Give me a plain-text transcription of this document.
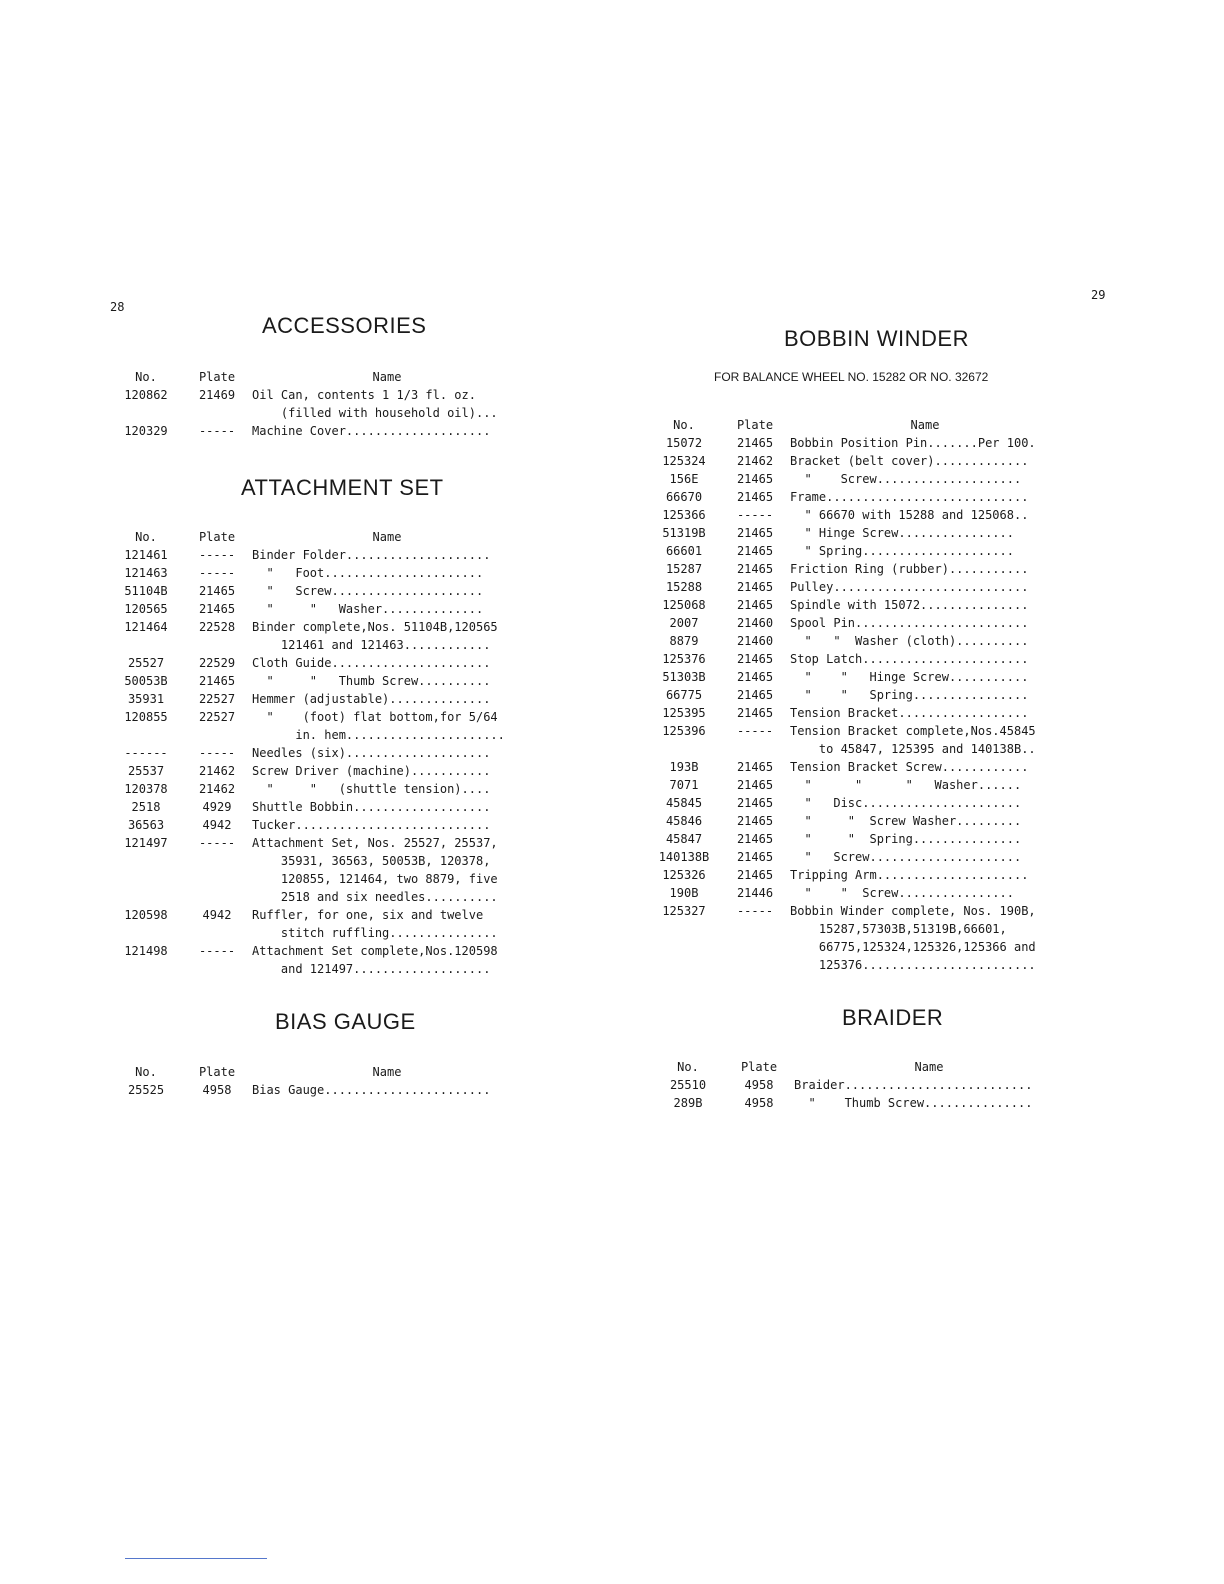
28
29
ACCESSORIES
No.	Plate	Name
120862	21469	Oil Can, contents 1 1/3 fl. oz.
(filled with household oil)...
120329	-----	Machine Cover....................
ATTACHMENT SET
No.	Plate	Name
121461	-----	Binder Folder....................
121463	-----	"   Foot......................
51104B	21465	"   Screw.....................
120565	21465	"     "   Washer..............
121464	22528	Binder complete,Nos. 51104B,120565
121461 and 121463............
25527	22529	Cloth Guide......................
50053B	21465	"     "   Thumb Screw..........
35931	22527	Hemmer (adjustable)..............
120855	22527	"    (foot) flat bottom,for 5/64
in. hem......................
------	-----	Needles (six)....................
25537	21462	Screw Driver (machine)...........
120378	21462	"     "   (shuttle tension)....
2518	4929	Shuttle Bobbin...................
36563	4942	Tucker...........................
121497	-----	Attachment Set, Nos. 25527, 25537,
35931, 36563, 50053B, 120378,
120855, 121464, two 8879, five
2518 and six needles..........
120598	4942	Ruffler, for one, six and twelve
stitch ruffling...............
121498	-----	Attachment Set complete,Nos.120598
and 121497...................
BIAS GAUGE
No.	Plate	Name
25525	4958	Bias Gauge.......................
BOBBIN WINDER
FOR BALANCE WHEEL NO. 15282 OR NO. 32672
No.	Plate	Name
15072	21465	Bobbin Position Pin.......Per 100.
125324	21462	Bracket (belt cover).............
156E	21465	"    Screw....................
66670	21465	Frame............................
125366	-----	" 66670 with 15288 and 125068..
51319B	21465	" Hinge Screw................
66601	21465	" Spring.....................
15287	21465	Friction Ring (rubber)...........
15288	21465	Pulley...........................
125068	21465	Spindle with 15072...............
2007	21460	Spool Pin........................
8879	21460	"   "  Washer (cloth)..........
125376	21465	Stop Latch.......................
51303B	21465	"    "   Hinge Screw...........
66775	21465	"    "   Spring................
125395	21465	Tension Bracket..................
125396	-----	Tension Bracket complete,Nos.45845
to 45847, 125395 and 140138B..
193B	21465	Tension Bracket Screw............
7071	21465	"      "      "   Washer......
45845	21465	"   Disc......................
45846	21465	"     "  Screw Washer.........
45847	21465	"     "  Spring...............
140138B	21465	"   Screw.....................
125326	21465	Tripping Arm.....................
190B	21446	"    "  Screw................
125327	-----	Bobbin Winder complete, Nos. 190B,
15287,57303B,51319B,66601,
66775,125324,125326,125366 and
125376........................
BRAIDER
No.	Plate	Name
25510	4958	Braider..........................
289B	4958	"    Thumb Screw...............
